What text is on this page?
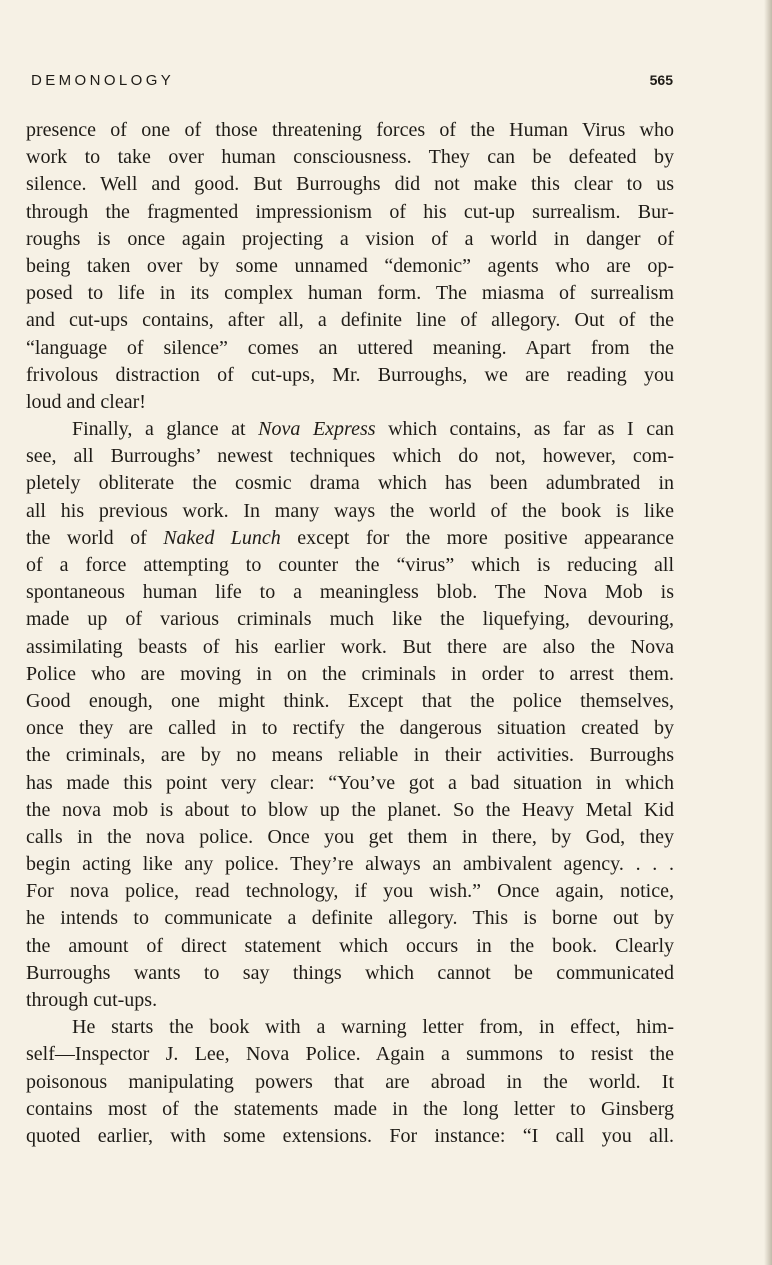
DEMONOLOGY	565
presence of one of those threatening forces of the Human Virus who
work to take over human consciousness. They can be defeated by
silence. Well and good. But Burroughs did not make this clear to us
through the fragmented impressionism of his cut-up surrealism. Bur-
roughs is once again projecting a vision of a world in danger of
being taken over by some unnamed “demonic” agents who are op-
posed to life in its complex human form. The miasma of surrealism
and cut-ups contains, after all, a definite line of allegory. Out of the
“language of silence” comes an uttered meaning. Apart from the
frivolous distraction of cut-ups, Mr. Burroughs, we are reading you
loud and clear!
Finally, a glance at Nova Express which contains, as far as I can
see, all Burroughs’ newest techniques which do not, however, com-
pletely obliterate the cosmic drama which has been adumbrated in
all his previous work. In many ways the world of the book is like
the world of Naked Lunch except for the more positive appearance
of a force attempting to counter the “virus” which is reducing all
spontaneous human life to a meaningless blob. The Nova Mob is
made up of various criminals much like the liquefying, devouring,
assimilating beasts of his earlier work. But there are also the Nova
Police who are moving in on the criminals in order to arrest them.
Good enough, one might think. Except that the police themselves,
once they are called in to rectify the dangerous situation created by
the criminals, are by no means reliable in their activities. Burroughs
has made this point very clear: “You’ve got a bad situation in which
the nova mob is about to blow up the planet. So the Heavy Metal Kid
calls in the nova police. Once you get them in there, by God, they
begin acting like any police. They’re always an ambivalent agency. . . .
For nova police, read technology, if you wish.” Once again, notice,
he intends to communicate a definite allegory. This is borne out by
the amount of direct statement which occurs in the book. Clearly
Burroughs wants to say things which cannot be communicated
through cut-ups.
He starts the book with a warning letter from, in effect, him-
self—Inspector J. Lee, Nova Police. Again a summons to resist the
poisonous manipulating powers that are abroad in the world. It
contains most of the statements made in the long letter to Ginsberg
quoted earlier, with some extensions. For instance: “I call you all.
